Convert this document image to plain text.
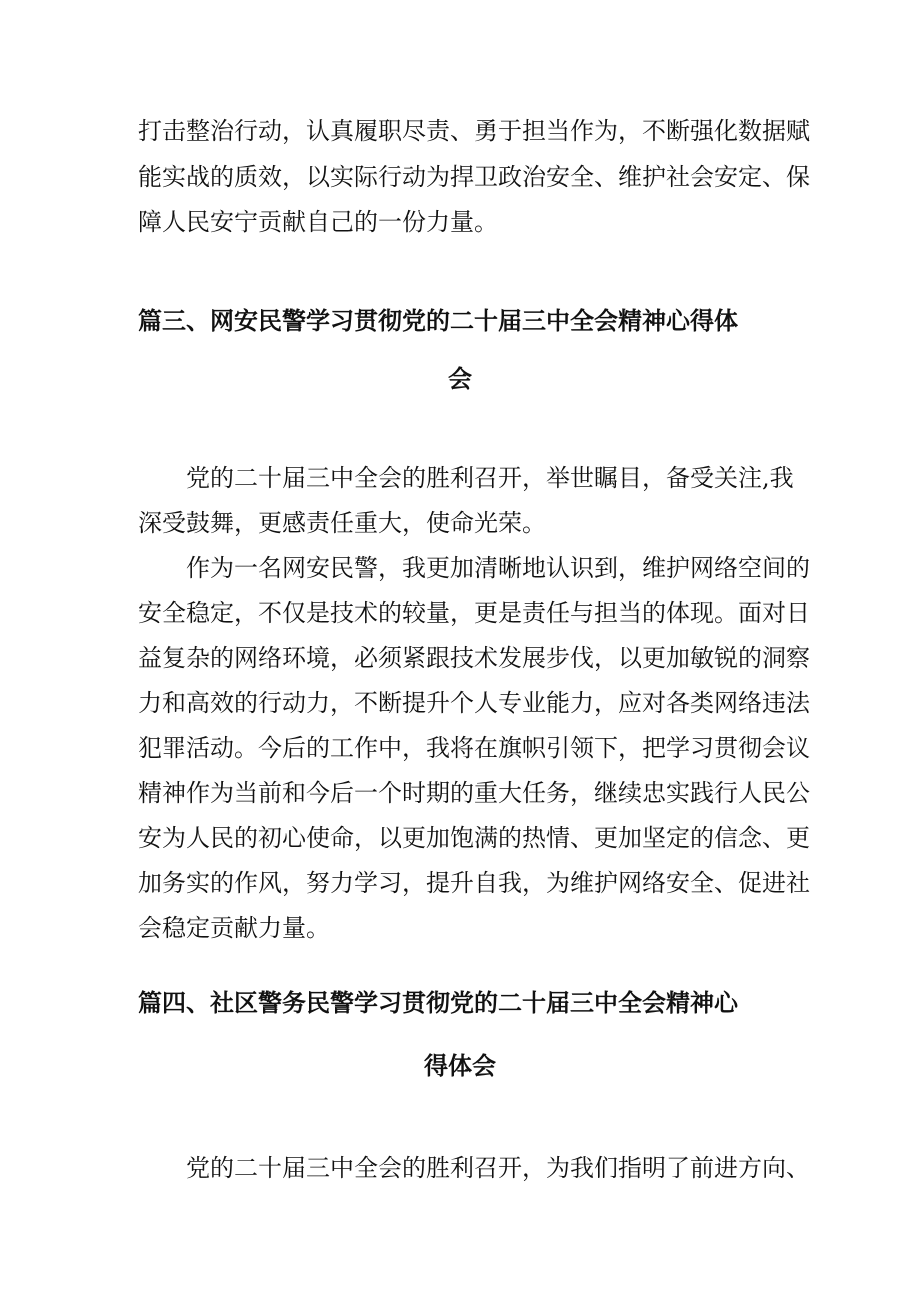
打击整治行动，认真履职尽责、勇于担当作为，不断强化数据赋
能实战的质效，以实际行动为捍卫政治安全、维护社会安定、保
障人民安宁贡献自己的一份力量。
篇三、网安民警学习贯彻党的二十届三中全会精神心得体
会
党的二十届三中全会的胜利召开，举世瞩目，备受关注,我
深受鼓舞，更感责任重大，使命光荣。
作为一名网安民警，我更加清晰地认识到，维护网络空间的
安全稳定，不仅是技术的较量，更是责任与担当的体现。面对日
益复杂的网络环境，必须紧跟技术发展步伐，以更加敏锐的洞察
力和高效的行动力，不断提升个人专业能力，应对各类网络违法
犯罪活动。今后的工作中，我将在旗帜引领下，把学习贯彻会议
精神作为当前和今后一个时期的重大任务，继续忠实践行人民公
安为人民的初心使命，以更加饱满的热情、更加坚定的信念、更
加务实的作风，努力学习，提升自我，为维护网络安全、促进社
会稳定贡献力量。
篇四、社区警务民警学习贯彻党的二十届三中全会精神心
得体会
党的二十届三中全会的胜利召开，为我们指明了前进方向、
